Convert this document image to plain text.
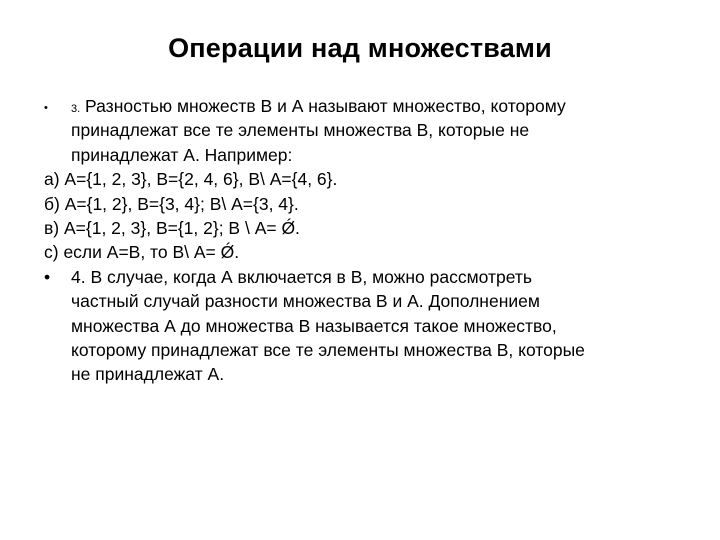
Операции над множествами
• 3. Разностью множеств В и А называют множество, которому
принадлежат все те элементы множества В, которые не
принадлежат А. Например:
а) А={1, 2, 3}, В={2, 4, 6}, В\ А={4, 6}.
б) А={1, 2}, В={3, 4}; В\ А={3, 4}.
в) А={1, 2, 3}, В={1, 2}; В \ А= Ǿ.
с) если А=В, то В\ А= Ǿ.
• 4. В случае, когда А включается в В, можно рассмотреть
частный случай разности множества В и А. Дополнением
множества А до множества В называется такое множество,
которому принадлежат все те элементы множества В, которые
не принадлежат А.
